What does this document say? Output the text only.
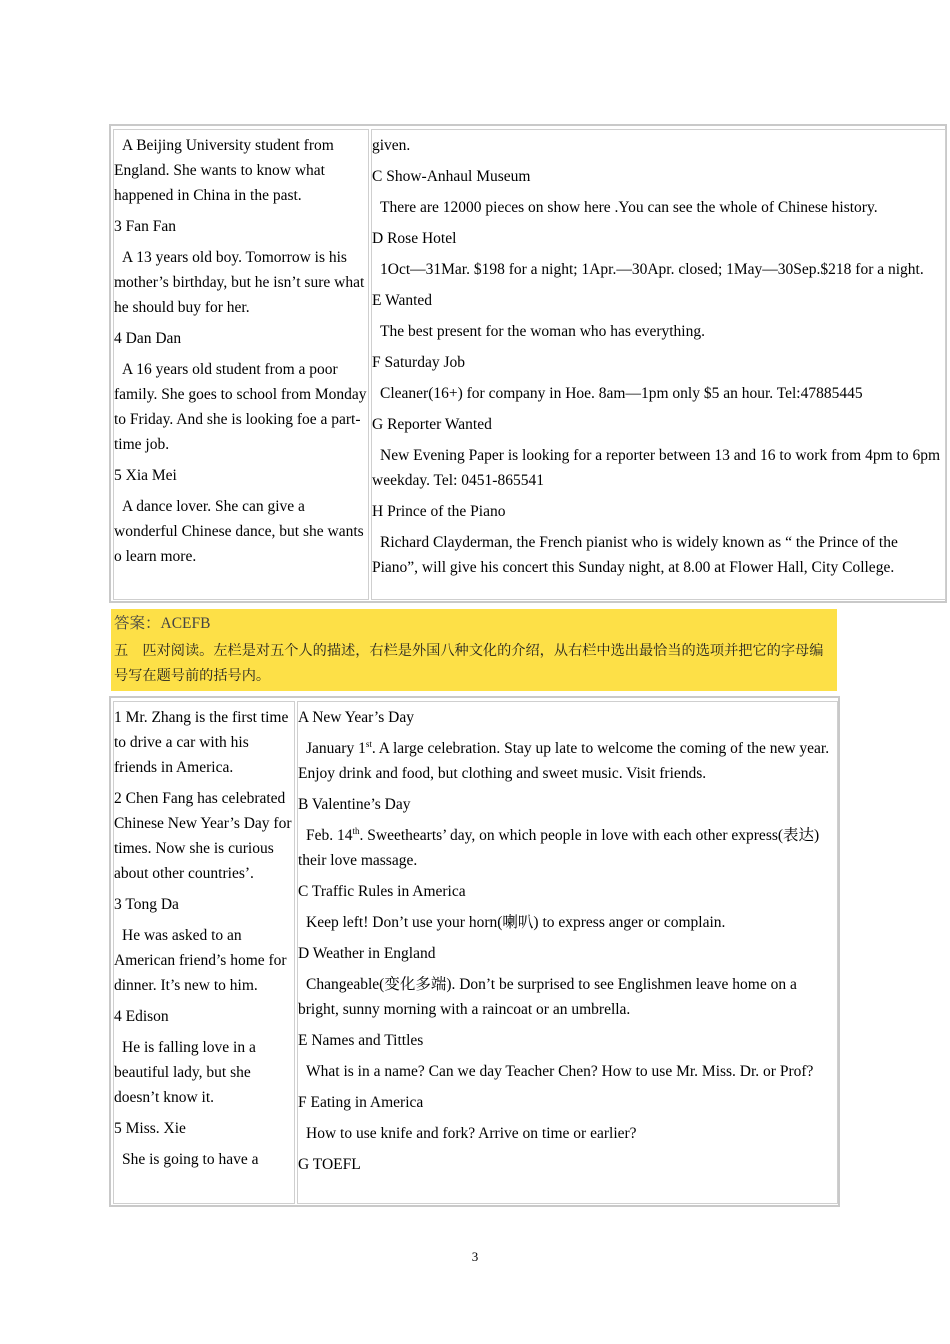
A Beijing University student from England. She wants to know what happened in China in the past.

3 Fan Fan

A 13 years old boy. Tomorrow is his mother’s birthday, but he isn’t sure what he should buy for her.

4 Dan Dan

A 16 years old student from a poor family. She goes to school from Monday to Friday. And she is looking foe a part-time job.

5 Xia Mei

A dance lover. She can give a wonderful Chinese dance, but she wants o learn more.

given.

C Show-Anhaul Museum

There are 12000 pieces on show here .You can see the whole of Chinese history.

D Rose Hotel

1Oct—31Mar. $198 for a night; 1Apr.—30Apr. closed; 1May—30Sep.$218 for a night.

E Wanted

The best present for the woman who has everything.

F Saturday Job

Cleaner(16+) for company in Hoe. 8am—1pm only $5 an hour. Tel:47885445

G Reporter Wanted

New Evening Paper is looking for a reporter between 13 and 16 to work from 4pm to 6pm weekday. Tel: 0451-865541

H Prince of the Piano

Richard Clayderman, the French pianist who is widely known as “ the Prince of the Piano”, will give his concert this Sunday night, at 8.00 at Flower Hall, City College.

答案：ACEFB
五　匹对阅读。左栏是对五个人的描述，右栏是外国八种文化的介绍，从右栏中选出最恰当的选项并把它的字母编号写在题号前的括号内。

1 Mr. Zhang is the first time to drive a car with his friends in America.

2 Chen Fang has celebrated Chinese New Year’s Day for times. Now she is curious about other countries’.

3 Tong Da

He was asked to an American friend’s home for dinner. It’s new to him.

4 Edison

He is falling love in a beautiful lady, but she doesn’t know it.

5 Miss. Xie

She is going to have a

A New Year’s Day

January 1st. A large celebration. Stay up late to welcome the coming of the new year. Enjoy drink and food, but clothing and sweet music. Visit friends.

B Valentine’s Day

Feb. 14th. Sweethearts’ day, on which people in love with each other express(表达) their love massage.

C Traffic Rules in America

Keep left! Don’t use your horn(喇叭) to express anger or complain.

D Weather in England

Changeable(变化多端). Don’t be surprised to see Englishmen leave home on a bright, sunny morning with a raincoat or an umbrella.

E Names and Tittles

What is in a name? Can we day Teacher Chen? How to use Mr. Miss. Dr. or Prof?

F Eating in America

How to use knife and fork? Arrive on time or earlier?

G TOEFL

3
